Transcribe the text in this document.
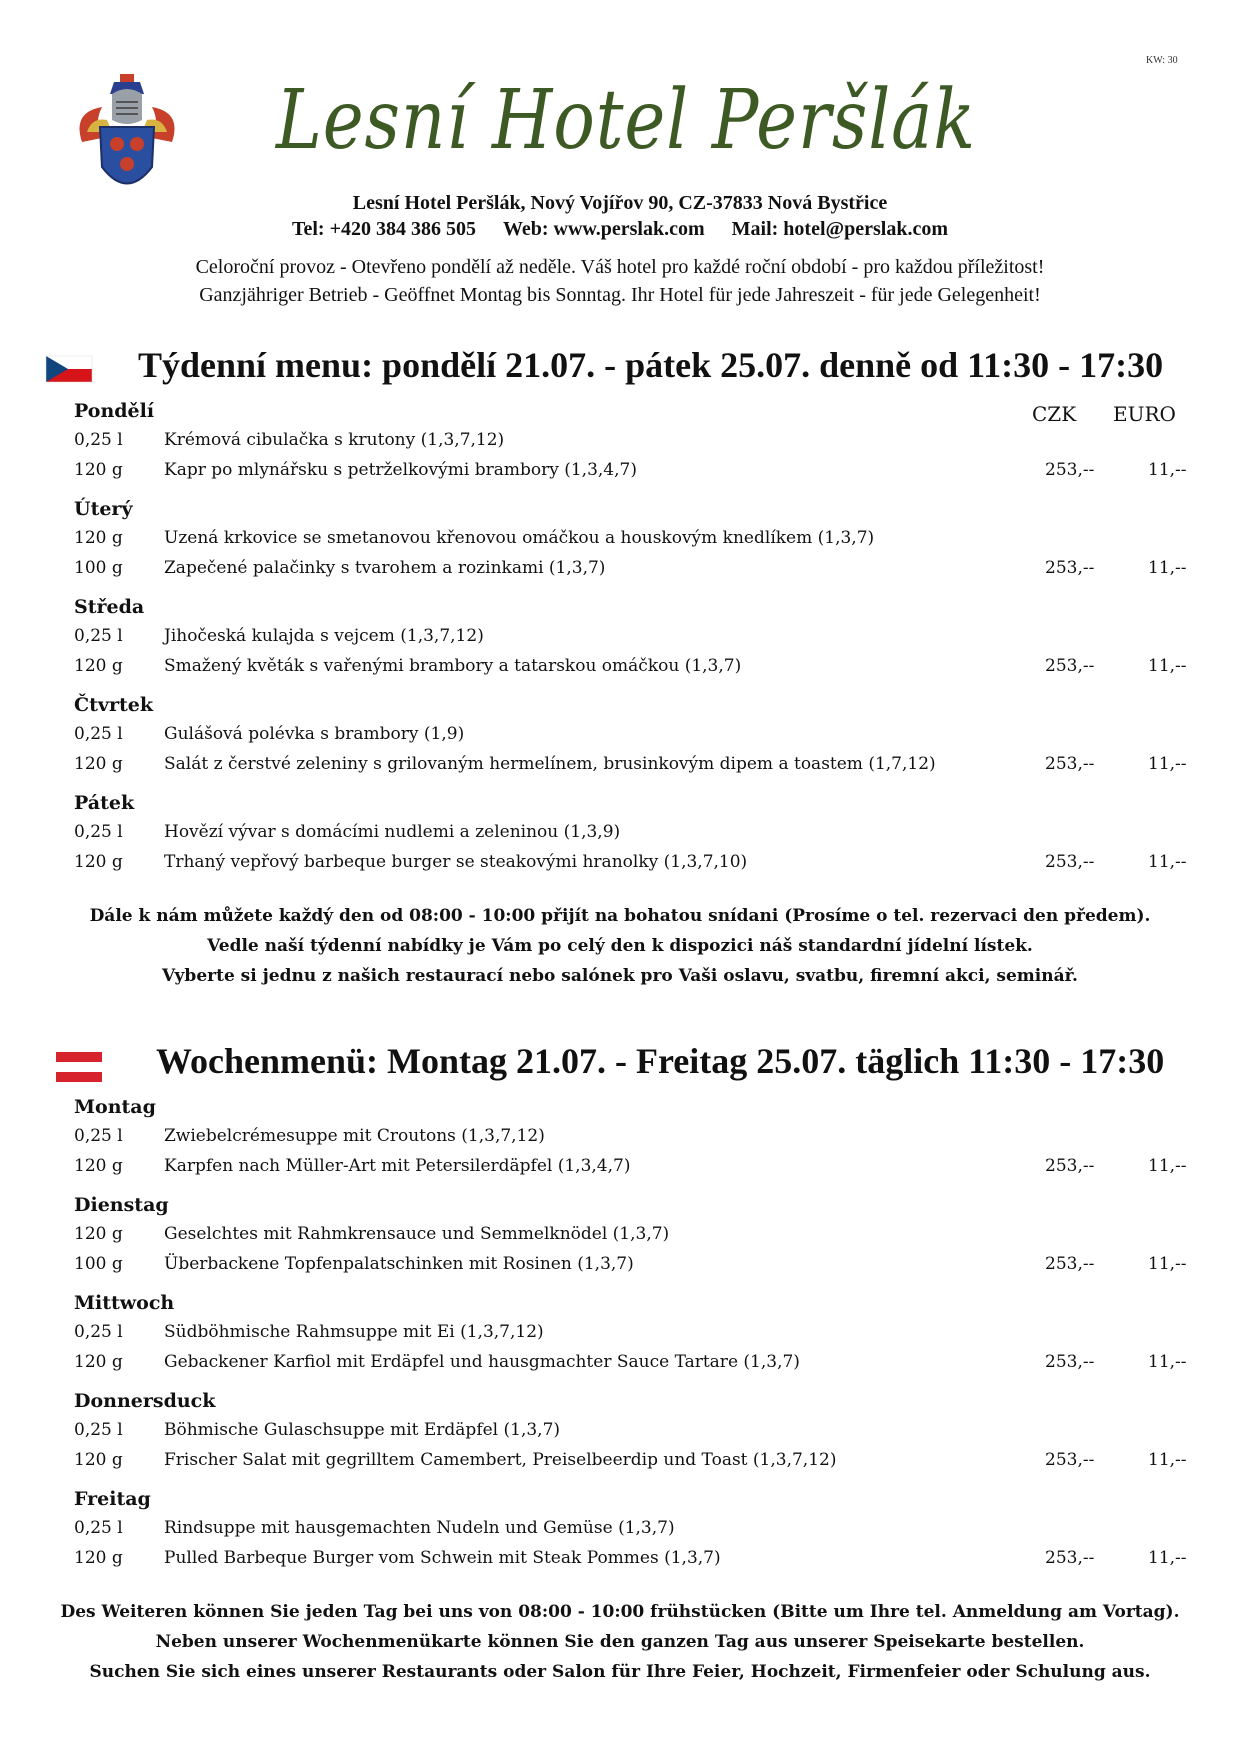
KW: 30
Lesní Hotel Peršlák
Lesní Hotel Peršlák, Nový Vojířov 90, CZ-37833 Nová Bystřice
Tel: +420 384 386 505 Web: www.perslak.com Mail: hotel@perslak.com
Celoroční provoz - Otevřeno pondělí až neděle. Váš hotel pro každé roční období - pro každou příležitost!
Ganzjähriger Betrieb - Geöffnet Montag bis Sonntag. Ihr Hotel für jede Jahreszeit - für jede Gelegenheit!
Týdenní menu: pondělí 21.07. - pátek 25.07. denně od 11:30 - 17:30
CZK EURO
Pondělí
0,25 l Krémová cibulačka s krutony (1,3,7,12)
120 g Kapr po mlynářsku s petrželkovými brambory (1,3,4,7)	253,--	11,--
Úterý
120 g Uzená krkovice se smetanovou křenovou omáčkou a houskovým knedlíkem (1,3,7)
100 g Zapečené palačinky s tvarohem a rozinkami (1,3,7)	253,--	11,--
Středa
0,25 l Jihočeská kulajda s vejcem (1,3,7,12)
120 g Smažený květák s vařenými brambory a tatarskou omáčkou (1,3,7)	253,--	11,--
Čtvrtek
0,25 l Gulášová polévka s brambory (1,9)
120 g Salát z čerstvé zeleniny s grilovaným hermelínem, brusinkovým dipem a toastem (1,7,12)	253,--	11,--
Pátek
0,25 l Hovězí vývar s domácími nudlemi a zeleninou (1,3,9)
120 g Trhaný vepřový barbeque burger se steakovými hranolky (1,3,7,10)	253,--	11,--
Dále k nám můžete každý den od 08:00 - 10:00 přijít na bohatou snídani (Prosíme o tel. rezervaci den předem).
Vedle naší týdenní nabídky je Vám po celý den k dispozici náš standardní jídelní lístek.
Vyberte si jednu z našich restaurací nebo salónek pro Vaši oslavu, svatbu, firemní akci, seminář.
Wochenmenü: Montag 21.07. - Freitag 25.07. täglich 11:30 - 17:30
Montag
0,25 l Zwiebelcrémesuppe mit Croutons (1,3,7,12)
120 g Karpfen nach Müller-Art mit Petersilerdäpfel (1,3,4,7)	253,--	11,--
Dienstag
120 g Geselchtes mit Rahmkrensauce und Semmelknödel (1,3,7)
100 g Überbackene Topfenpalatschinken mit Rosinen (1,3,7)	253,--	11,--
Mittwoch
0,25 l Südböhmische Rahmsuppe mit Ei (1,3,7,12)
120 g Gebackener Karfiol mit Erdäpfel und hausgmachter Sauce Tartare (1,3,7)	253,--	11,--
Donnersduck
0,25 l Böhmische Gulaschsuppe mit Erdäpfel (1,3,7)
120 g Frischer Salat mit gegrilltem Camembert, Preiselbeerdip und Toast (1,3,7,12)	253,--	11,--
Freitag
0,25 l Rindsuppe mit hausgemachten Nudeln und Gemüse (1,3,7)
120 g Pulled Barbeque Burger vom Schwein mit Steak Pommes (1,3,7)	253,--	11,--
Des Weiteren können Sie jeden Tag bei uns von 08:00 - 10:00 frühstücken (Bitte um Ihre tel. Anmeldung am Vortag).
Neben unserer Wochenmenükarte können Sie den ganzen Tag aus unserer Speisekarte bestellen.
Suchen Sie sich eines unserer Restaurants oder Salon für Ihre Feier, Hochzeit, Firmenfeier oder Schulung aus.
